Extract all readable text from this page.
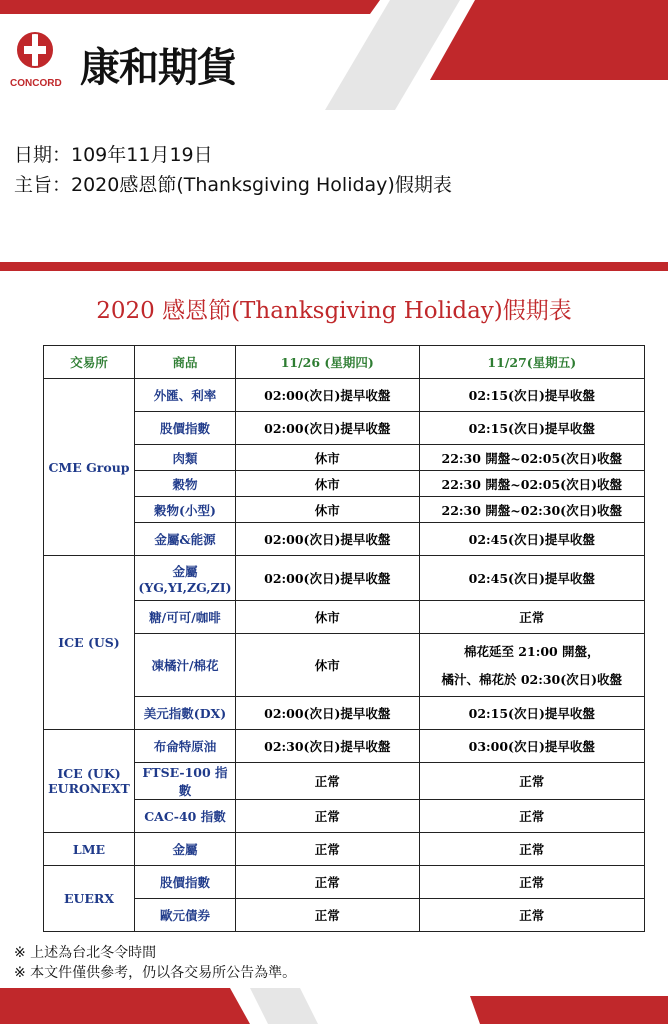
CONCORD 康和期貨
日期：109年11月19日
主旨：2020感恩節(Thanksgiving Holiday)假期表
2020 感恩節(Thanksgiving Holiday)假期表
交易所	商品	11/26 (星期四)	11/27(星期五)
CME Group	外匯、利率	02:00(次日)提早收盤	02:15(次日)提早收盤
	股價指數	02:00(次日)提早收盤	02:15(次日)提早收盤
	肉類	休市	22:30 開盤~02:05(次日)收盤
	穀物	休市	22:30 開盤~02:05(次日)收盤
	穀物(小型)	休市	22:30 開盤~02:30(次日)收盤
	金屬&能源	02:00(次日)提早收盤	02:45(次日)提早收盤
ICE (US)	金屬 (YG,YI,ZG,ZI)	02:00(次日)提早收盤	02:45(次日)提早收盤
	糖/可可/咖啡	休市	正常
	凍橘汁/棉花	休市	棉花延至 21:00 開盤，
橘汁、棉花於 02:30(次日)收盤

	美元指數(DX)	02:00(次日)提早收盤	02:15(次日)提早收盤
ICE (UK) EURONEXT	布侖特原油	02:30(次日)提早收盤	03:00(次日)提早收盤
	FTSE-100 指數	正常	正常
	CAC-40 指數	正常	正常
LME	金屬	正常	正常
EUERX	股價指數	正常	正常
	歐元債券	正常	正常
※ 上述為台北冬令時間
※ 本文件僅供參考，仍以各交易所公告為準。
